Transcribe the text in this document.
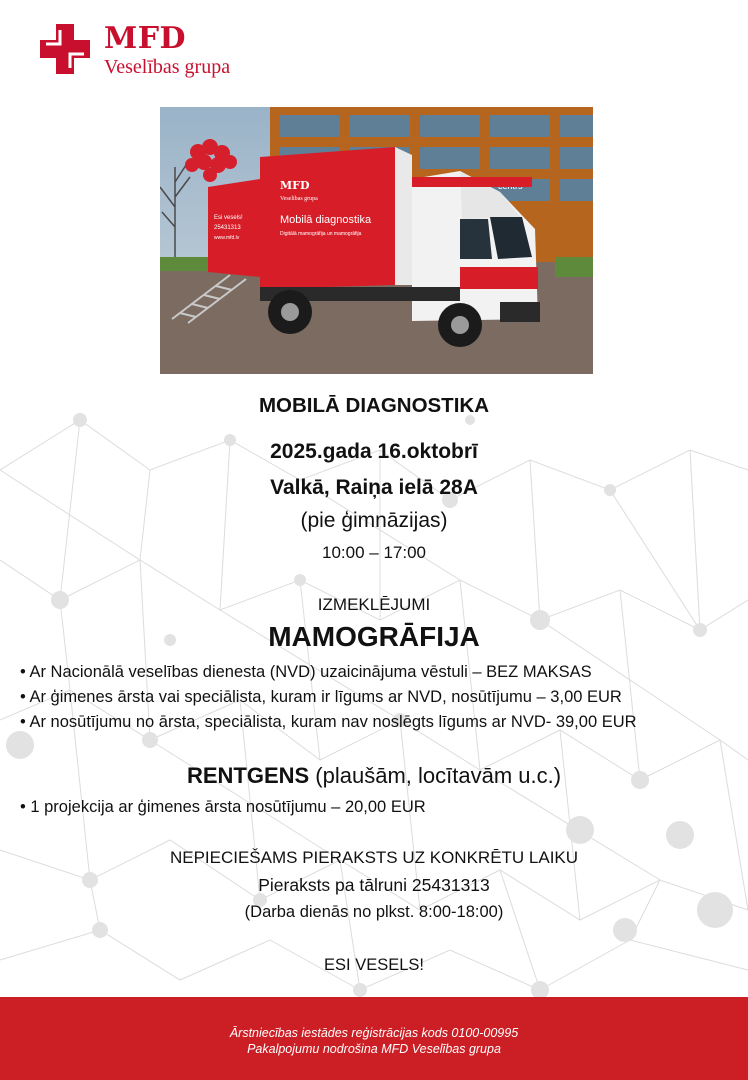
MFD
Veselības grupa
Esi vesels!
25431313
www.mfd.lv
MFD
Veselības grupa
Mobilā diagnostika
Digitālā mamogrāfija un mamogrāfija
MOBILĀ DIAGNOSTIKA
2025.gada 16.oktobrī
Valkā, Raiņa ielā 28A
(pie ģimnāzijas)
10:00 – 17:00
IZMEKLĒJUMI
MAMOGRĀFIJA
• Ar Nacionālā veselības dienesta (NVD) uzaicinājuma vēstuli – BEZ MAKSAS
• Ar ģimenes ārsta vai speciālista, kuram ir līgums ar NVD, nosūtījumu – 3,00 EUR
• Ar nosūtījumu no ārsta, speciālista, kuram nav noslēgts līgums ar NVD- 39,00 EUR
RENTGENS (plaušām, locītavām u.c.)
• 1 projekcija ar ģimenes ārsta nosūtījumu – 20,00 EUR
NEPIECIEŠAMS PIERAKSTS UZ KONKRĒTU LAIKU
Pieraksts pa tālruni 25431313
(Darba dienās no plkst. 8:00-18:00)
ESI VESELS!
Ārstniecības iestādes reģistrācijas kods 0100-00995
Pakalpojumu nodrošina MFD Veselības grupa
